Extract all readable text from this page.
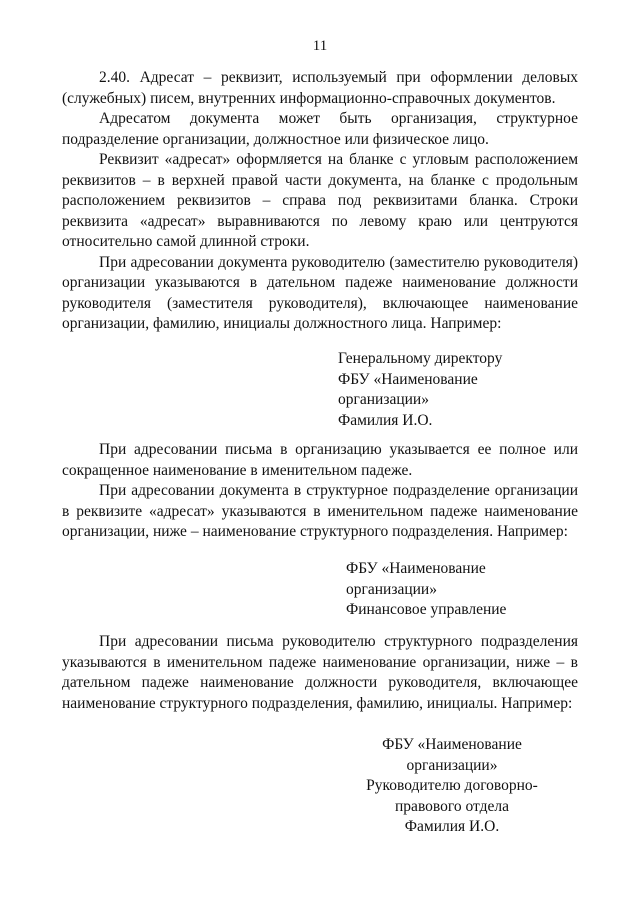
11

2.40. Адресат – реквизит, используемый при оформлении деловых (служебных) писем, внутренних информационно-справочных документов.

Адресатом документа может быть организация, структурное подразделение организации, должностное или физическое лицо.

Реквизит «адресат» оформляется на бланке с угловым расположением реквизитов – в верхней правой части документа, на бланке с продольным расположением реквизитов – справа под реквизитами бланка. Строки реквизита «адресат» выравниваются по левому краю или центруются относительно самой длинной строки.

При адресовании документа руководителю (заместителю руководителя) организации указываются в дательном падеже наименование должности руководителя (заместителя руководителя), включающее наименование организации, фамилию, инициалы должностного лица. Например:

Генеральному директору
ФБУ «Наименование
организации»
Фамилия И.О.

При адресовании письма в организацию указывается ее полное или сокращенное наименование в именительном падеже.

При адресовании документа в структурное подразделение организации в реквизите «адресат» указываются в именительном падеже наименование организации, ниже – наименование структурного подразделения. Например:

ФБУ «Наименование
организации»
Финансовое управление

При адресовании письма руководителю структурного подразделения указываются в именительном падеже наименование организации, ниже – в дательном падеже наименование должности руководителя, включающее наименование структурного подразделения, фамилию, инициалы. Например:

ФБУ «Наименование
организации»
Руководителю договорно-
правового отдела
Фамилия И.О.
